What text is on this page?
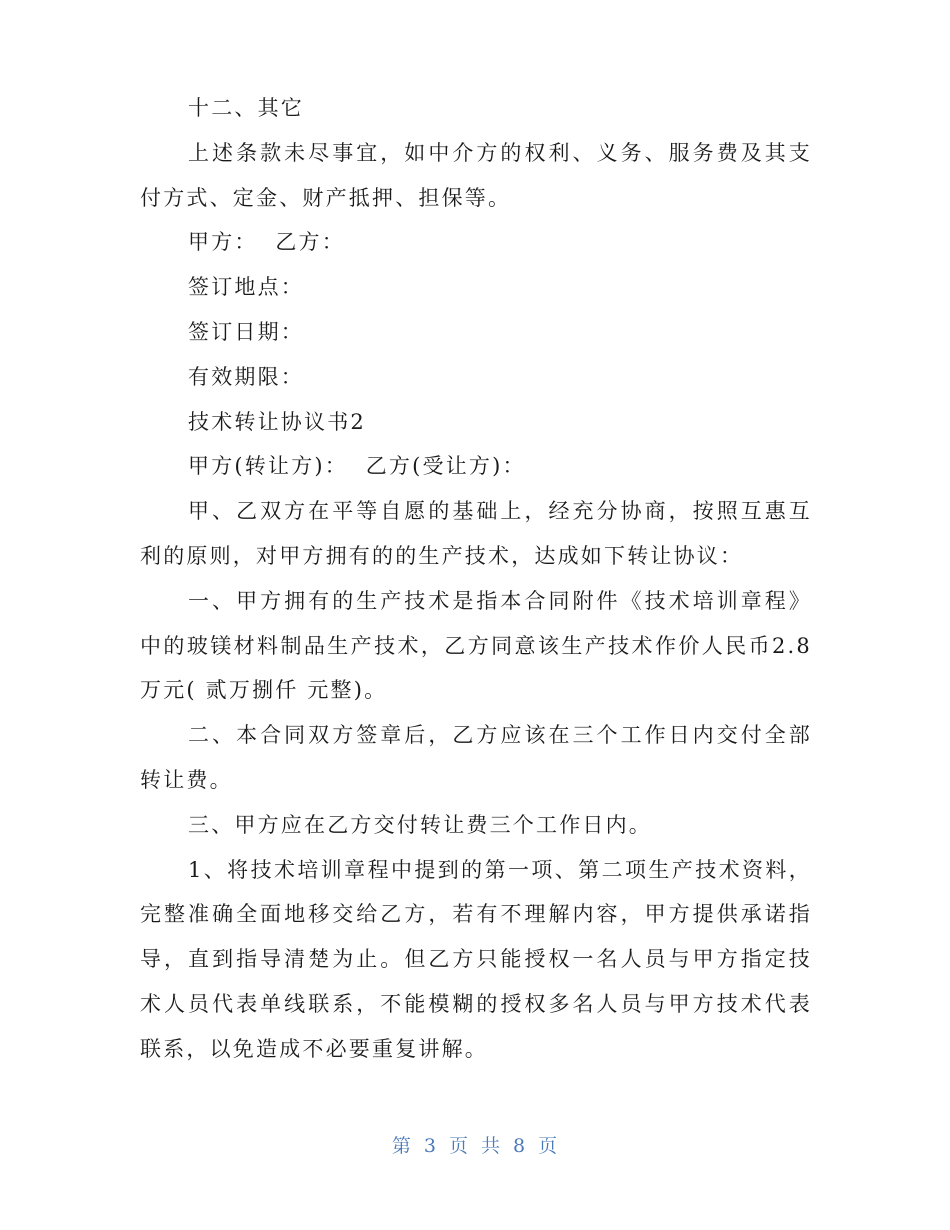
十二、其它

上述条款未尽事宜，如中介方的权利、义务、服务费及其支付方式、定金、财产抵押、担保等。

甲方：  乙方：

签订地点：

签订日期：

有效期限：

技术转让协议书2

甲方(转让方)：  乙方(受让方)：

甲、乙双方在平等自愿的基础上，经充分协商，按照互惠互利的原则，对甲方拥有的的生产技术，达成如下转让协议：

一、甲方拥有的生产技术是指本合同附件《技术培训章程》中的玻镁材料制品生产技术，乙方同意该生产技术作价人民币2.8万元( 贰万捌仟 元整)。

二、本合同双方签章后，乙方应该在三个工作日内交付全部转让费。

三、甲方应在乙方交付转让费三个工作日内。

1、将技术培训章程中提到的第一项、第二项生产技术资料，完整准确全面地移交给乙方，若有不理解内容，甲方提供承诺指导，直到指导清楚为止。但乙方只能授权一名人员与甲方指定技术人员代表单线联系，不能模糊的授权多名人员与甲方技术代表联系，以免造成不必要重复讲解。

第 3 页 共 8 页
